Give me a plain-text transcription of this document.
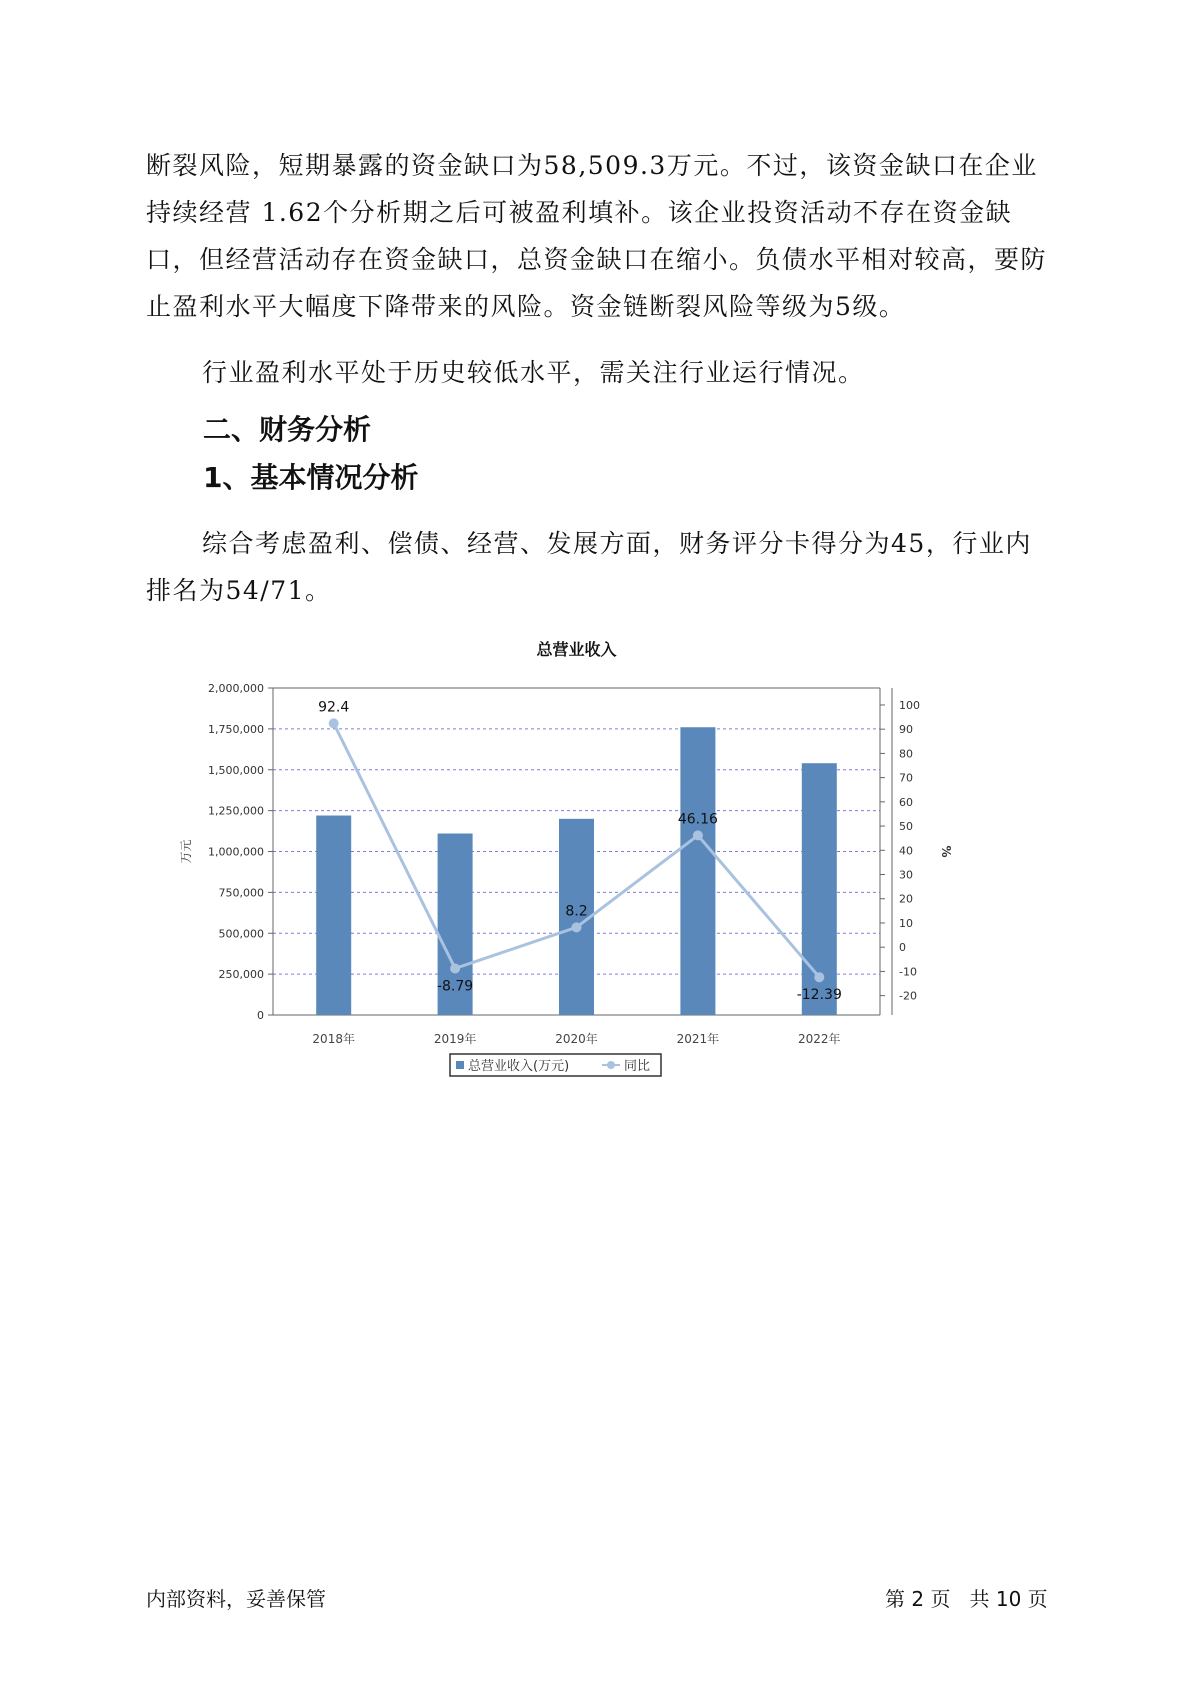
断裂风险，短期暴露的资金缺口为58,509.3万元。不过，该资金缺口在企业持续经营 1.62个分析期之后可被盈利填补。该企业投资活动不存在资金缺口，但经营活动存在资金缺口，总资金缺口在缩小。负债水平相对较高，要防止盈利水平大幅度下降带来的风险。资金链断裂风险等级为5级。

行业盈利水平处于历史较低水平，需关注行业运行情况。

二、财务分析
1、基本情况分析

综合考虑盈利、偿债、经营、发展方面，财务评分卡得分为45，行业内排名为54/71。

总营业收入
0
250,000
500,000
750,000
1,000,000
1,250,000
1,500,000
1,750,000
2,000,000
-20
-10
0
10
20
30
40
50
60
70
80
90
100
万元	%
2018年	2019年	2020年	2021年	2022年
92.4
-8.79
8.2
46.16
-12.39
总营业收入(万元)	同比
内部资料，妥善保管	第 2 页   共 10 页
